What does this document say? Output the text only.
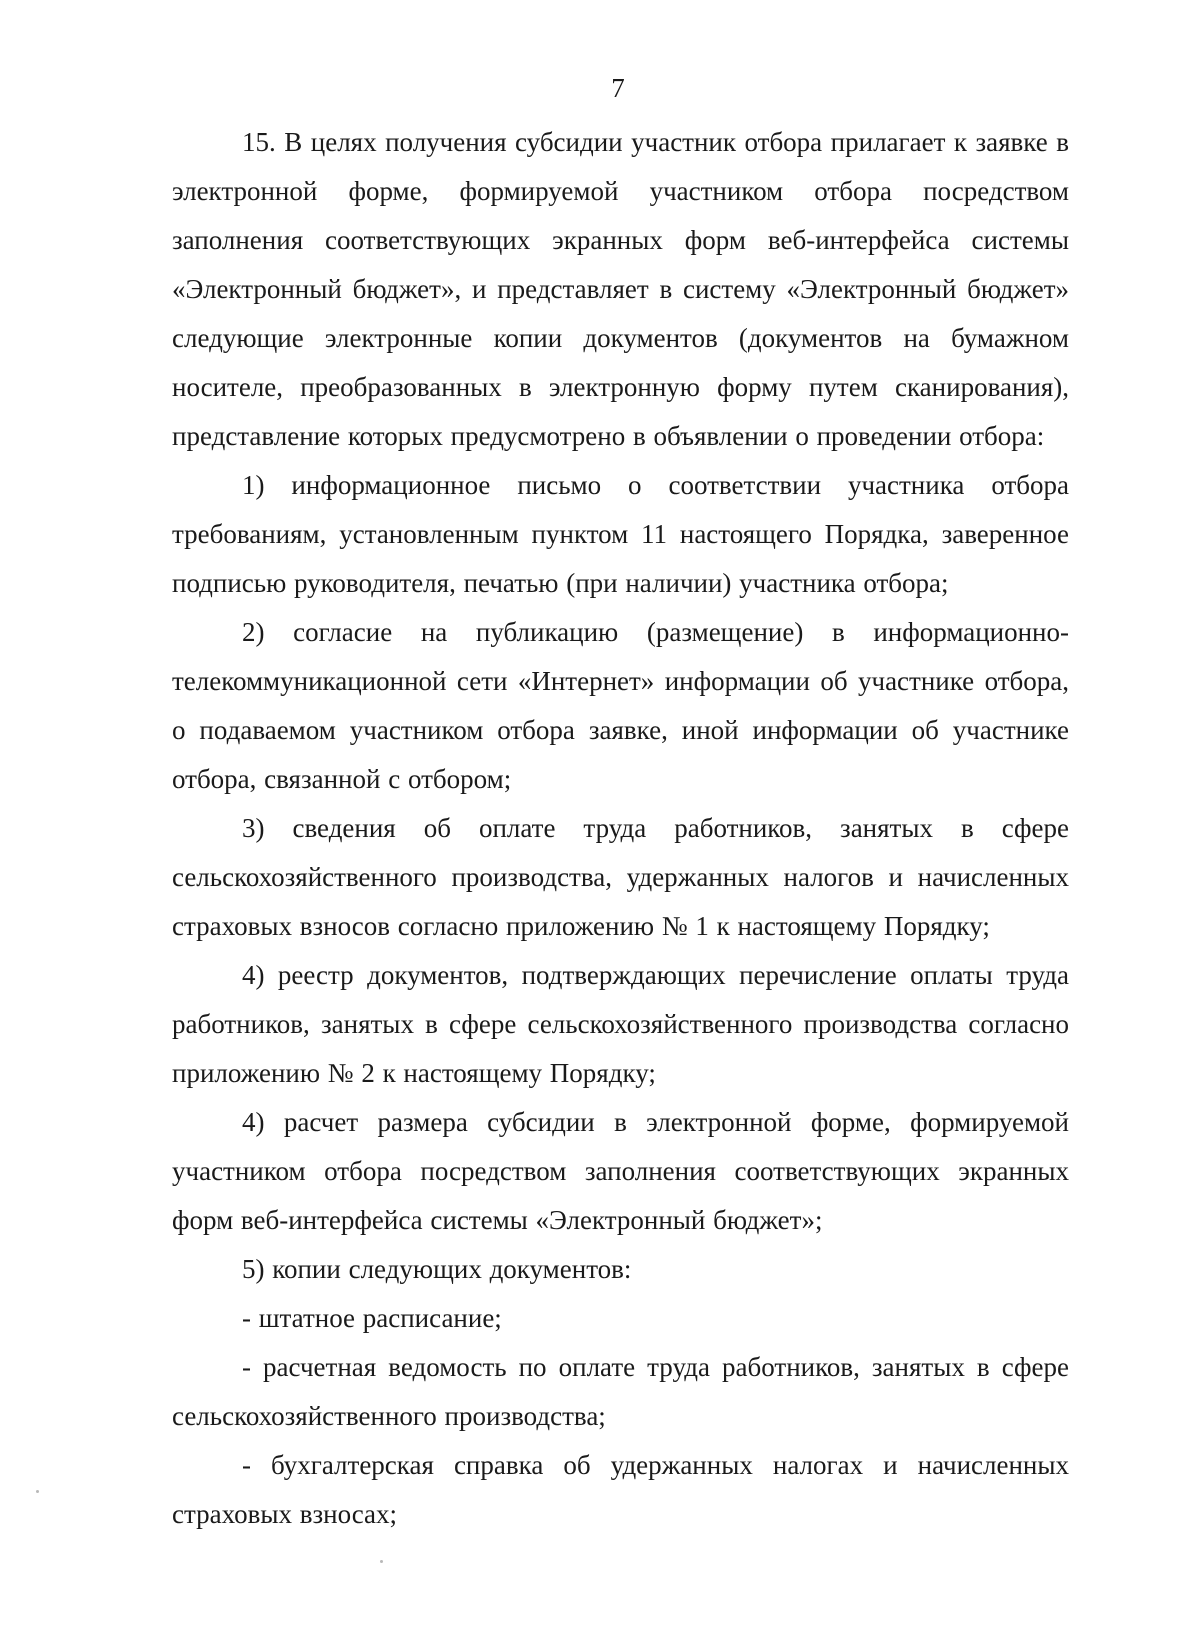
7

15. В целях получения субсидии участник отбора прилагает к заявке в электронной форме, формируемой участником отбора посредством заполнения соответствующих экранных форм веб-интерфейса системы «Электронный бюджет», и представляет в систему «Электронный бюджет» следующие электронные копии документов (документов на бумажном носителе, преобразованных в электронную форму путем сканирования), представление которых предусмотрено в объявлении о проведении отбора:

1) информационное письмо о соответствии участника отбора требованиям, установленным пунктом 11 настоящего Порядка, заверенное подписью руководителя, печатью (при наличии) участника отбора;

2) согласие на публикацию (размещение) в информационно-телекоммуникационной сети «Интернет» информации об участнике отбора, о подаваемом участником отбора заявке, иной информации об участнике отбора, связанной с отбором;

3) сведения об оплате труда работников, занятых в сфере сельскохозяйственного производства, удержанных налогов и начисленных страховых взносов согласно приложению № 1 к настоящему Порядку;

4) реестр документов, подтверждающих перечисление оплаты труда работников, занятых в сфере сельскохозяйственного производства согласно приложению № 2 к настоящему Порядку;

4) расчет размера субсидии в электронной форме, формируемой участником отбора посредством заполнения соответствующих экранных форм веб-интерфейса системы «Электронный бюджет»;

5) копии следующих документов:

- штатное расписание;

- расчетная ведомость по оплате труда работников, занятых в сфере сельскохозяйственного производства;

- бухгалтерская справка об удержанных налогах и начисленных страховых взносах;
